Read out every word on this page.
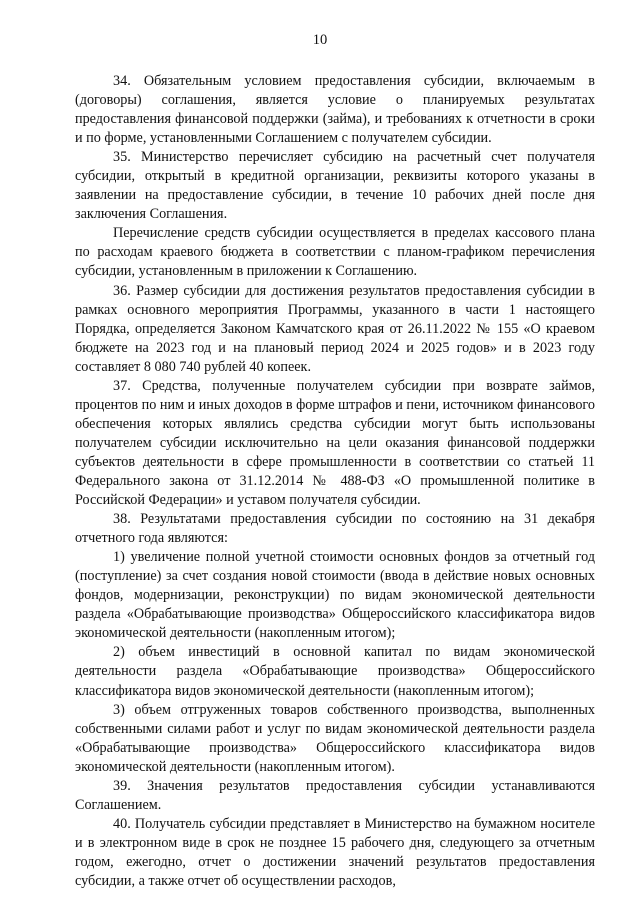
10

34. Обязательным условием предоставления субсидии, включаемым в (договоры) соглашения, является условие о планируемых результатах предоставления финансовой поддержки (займа), и требованиях к отчетности в сроки и по форме, установленными Соглашением с получателем субсидии.

35. Министерство перечисляет субсидию на расчетный счет получателя субсидии, открытый в кредитной организации, реквизиты которого указаны в заявлении на предоставление субсидии, в течение 10 рабочих дней после дня заключения Соглашения.

Перечисление средств субсидии осуществляется в пределах кассового плана по расходам краевого бюджета в соответствии с планом-графиком перечисления субсидии, установленным в приложении к Соглашению.

36. Размер субсидии для достижения результатов предоставления субсидии в рамках основного мероприятия Программы, указанного в части 1 настоящего Порядка, определяется Законом Камчатского края от 26.11.2022 № 155 «О краевом бюджете на 2023 год и на плановый период 2024 и 2025 годов» и в 2023 году составляет 8 080 740 рублей 40 копеек.

37. Средства, полученные получателем субсидии при возврате займов, процентов по ним и иных доходов в форме штрафов и пени, источником финансового обеспечения которых являлись средства субсидии могут быть использованы получателем субсидии исключительно на цели оказания финансовой поддержки субъектов деятельности в сфере промышленности в соответствии со статьей 11 Федерального закона от 31.12.2014 № 488-ФЗ «О промышленной политике в Российской Федерации» и уставом получателя субсидии.

38. Результатами предоставления субсидии по состоянию на 31 декабря отчетного года являются:

1) увеличение полной учетной стоимости основных фондов за отчетный год (поступление) за счет создания новой стоимости (ввода в действие новых основных фондов, модернизации, реконструкции) по видам экономической деятельности раздела «Обрабатывающие производства» Общероссийского классификатора видов экономической деятельности (накопленным итогом);

2) объем инвестиций в основной капитал по видам экономической деятельности раздела «Обрабатывающие производства» Общероссийского классификатора видов экономической деятельности (накопленным итогом);

3) объем отгруженных товаров собственного производства, выполненных собственными силами работ и услуг по видам экономической деятельности раздела «Обрабатывающие производства» Общероссийского классификатора видов экономической деятельности (накопленным итогом).

39. Значения результатов предоставления субсидии устанавливаются Соглашением.

40. Получатель субсидии представляет в Министерство на бумажном носителе и в электронном виде в срок не позднее 15 рабочего дня, следующего за отчетным годом, ежегодно, отчет о достижении значений результатов предоставления субсидии, а также отчет об осуществлении расходов,
